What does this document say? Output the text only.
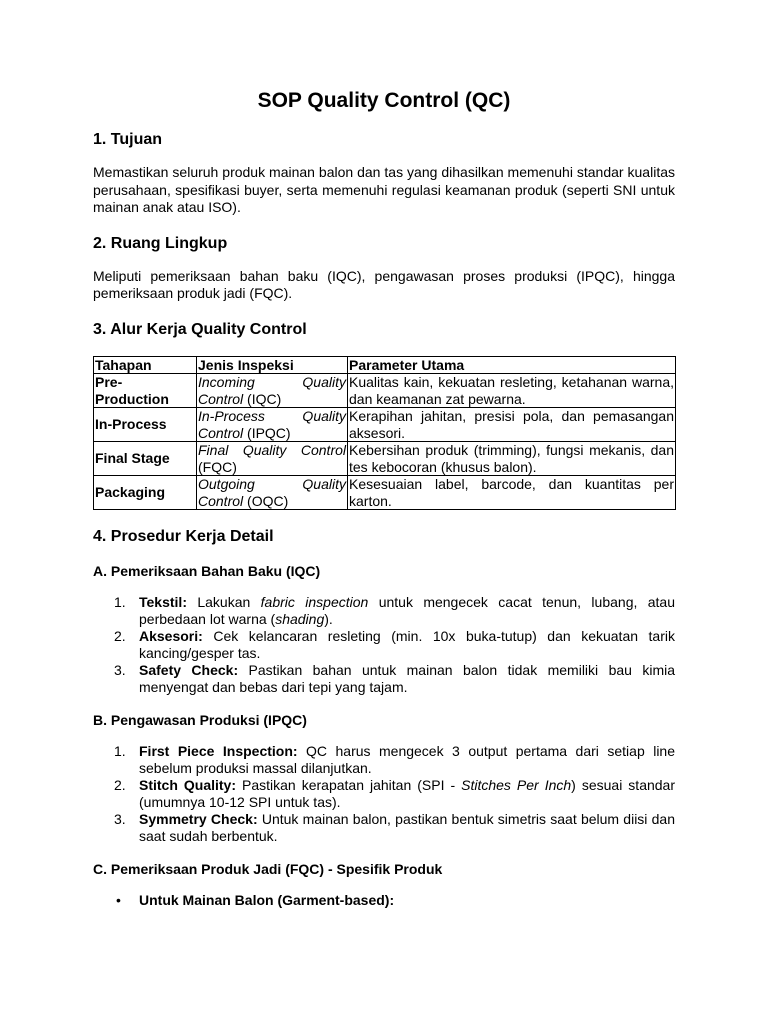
SOP Quality Control (QC)
1. Tujuan

Memastikan seluruh produk mainan balon dan tas yang dihasilkan memenuhi standar kualitas perusahaan, spesifikasi buyer, serta memenuhi regulasi keamanan produk (seperti SNI untuk mainan anak atau ISO).

2. Ruang Lingkup

Meliputi pemeriksaan bahan baku (IQC), pengawasan proses produksi (IPQC), hingga pemeriksaan produk jadi (FQC).

3. Alur Kerja Quality Control
Tahapan	Jenis Inspeksi	Parameter Utama
Pre-Production	Incoming Quality Control (IQC)	Kualitas kain, kekuatan resleting, ketahanan warna, dan keamanan zat pewarna.
In-Process	In-Process Quality Control (IPQC)	Kerapihan jahitan, presisi pola, dan pemasangan aksesori.
Final Stage	Final Quality Control (FQC)	Kebersihan produk (trimming), fungsi mekanis, dan tes kebocoran (khusus balon).
Packaging	Outgoing Quality Control (OQC)	Kesesuaian label, barcode, dan kuantitas per karton.
4. Prosedur Kerja Detail
A. Pemeriksaan Bahan Baku (IQC)
1. Tekstil: Lakukan fabric inspection untuk mengecek cacat tenun, lubang, atau perbedaan lot warna (shading).
2. Aksesori: Cek kelancaran resleting (min. 10x buka-tutup) dan kekuatan tarik kancing/gesper tas.
3. Safety Check: Pastikan bahan untuk mainan balon tidak memiliki bau kimia menyengat dan bebas dari tepi yang tajam.
B. Pengawasan Produksi (IPQC)
1. First Piece Inspection: QC harus mengecek 3 output pertama dari setiap line sebelum produksi massal dilanjutkan.
2. Stitch Quality: Pastikan kerapatan jahitan (SPI - Stitches Per Inch) sesuai standar (umumnya 10-12 SPI untuk tas).
3. Symmetry Check: Untuk mainan balon, pastikan bentuk simetris saat belum diisi dan saat sudah berbentuk.
C. Pemeriksaan Produk Jadi (FQC) - Spesifik Produk
• Untuk Mainan Balon (Garment-based):
